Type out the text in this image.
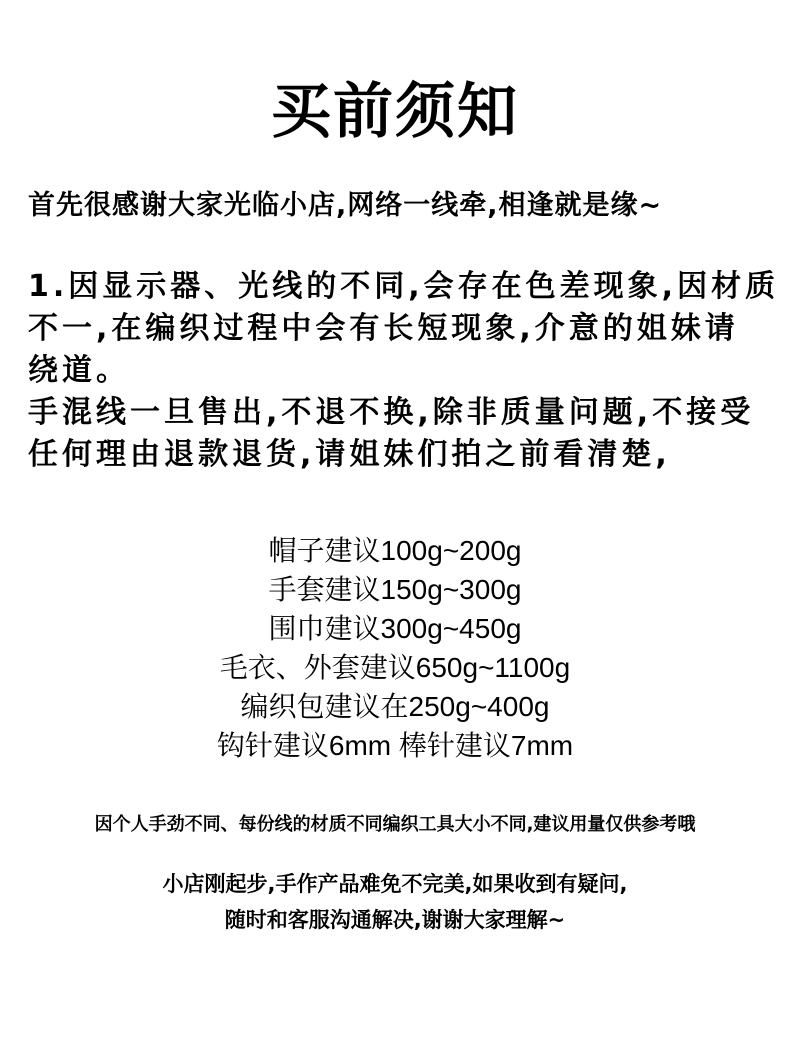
买前须知
首先很感谢大家光临小店,网络一线牵,相逢就是缘~
1.因显示器、光线的不同,会存在色差现象,因材质
不一,在编织过程中会有长短现象,介意的姐妹请
绕道。
手混线一旦售出,不退不换,除非质量问题,不接受
任何理由退款退货,请姐妹们拍之前看清楚,
帽子建议100g~200g
手套建议150g~300g
围巾建议300g~450g
毛衣、外套建议650g~1100g
编织包建议在250g~400g
钩针建议6mm 棒针建议7mm
因个人手劲不同、每份线的材质不同编织工具大小不同,建议用量仅供参考哦
小店刚起步,手作产品难免不完美,如果收到有疑问,
随时和客服沟通解决,谢谢大家理解~
